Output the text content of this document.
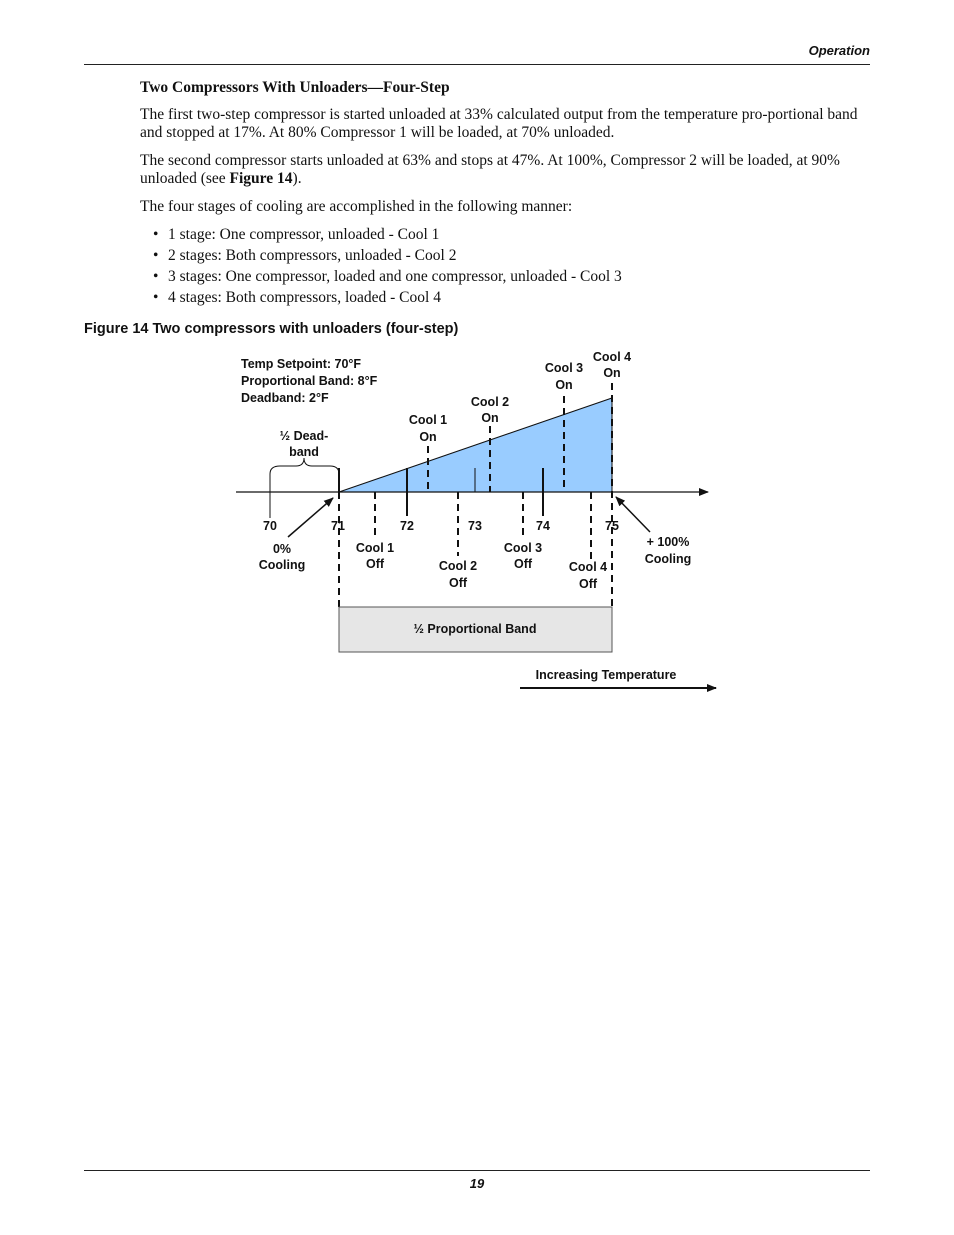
Operation
Two Compressors With Unloaders—Four-Step

The first two-step compressor is started unloaded at 33% calculated output from the temperature pro-portional band and stopped at 17%. At 80% Compressor 1 will be loaded, at 70% unloaded.

The second compressor starts unloaded at 63% and stops at 47%. At 100%, Compressor 2 will be loaded, at 90% unloaded (see Figure 14).

The four stages of cooling are accomplished in the following manner:

• 1 stage: One compressor, unloaded - Cool 1
• 2 stages: Both compressors, unloaded - Cool 2
• 3 stages: One compressor, loaded and one compressor, unloaded - Cool 3
• 4 stages: Both compressors, loaded - Cool 4
Figure 14 Two compressors with unloaders (four-step)
Temp Setpoint: 70°F
Proportional Band: 8°F
Deadband: 2°F
½ Dead-
band
Cool 1
On
Cool 2
On
Cool 3
On
Cool 4
On
70	71	72	73	74	75
Cool 1
Off	Cool 2
Off
Cool 3
Off	Cool 4
Off
0%
Cooling
+ 100%
Cooling
½ Proportional Band
Increasing Temperature
19
